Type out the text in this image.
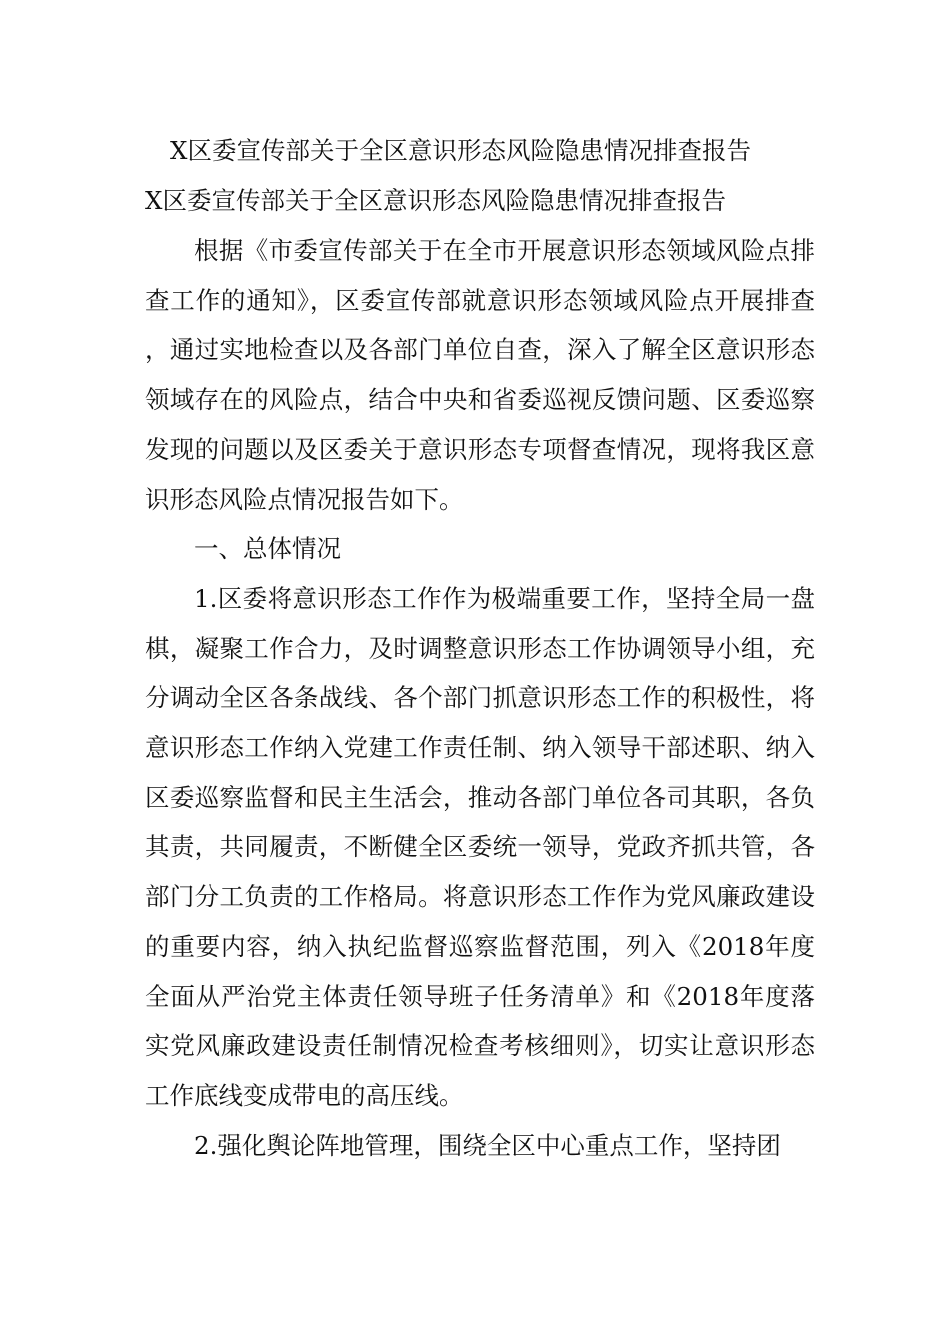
X区委宣传部关于全区意识形态风险隐患情况排查报告
X区委宣传部关于全区意识形态风险隐患情况排查报告

根据《市委宣传部关于在全市开展意识形态领域风险点排查工作的通知》，区委宣传部就意识形态领域风险点开展排查，通过实地检查以及各部门单位自查，深入了解全区意识形态领域存在的风险点，结合中央和省委巡视反馈问题、区委巡察发现的问题以及区委关于意识形态专项督查情况，现将我区意识形态风险点情况报告如下。

一、总体情况

1.区委将意识形态工作作为极端重要工作，坚持全局一盘棋，凝聚工作合力，及时调整意识形态工作协调领导小组，充分调动全区各条战线、各个部门抓意识形态工作的积极性，将意识形态工作纳入党建工作责任制、纳入领导干部述职、纳入区委巡察监督和民主生活会，推动各部门单位各司其职，各负其责，共同履责，不断健全区委统一领导，党政齐抓共管，各部门分工负责的工作格局。将意识形态工作作为党风廉政建设的重要内容，纳入执纪监督巡察监督范围，列入《2018年度全面从严治党主体责任领导班子任务清单》和《2018年度落实党风廉政建设责任制情况检查考核细则》，切实让意识形态工作底线变成带电的高压线。

2.强化舆论阵地管理，围绕全区中心重点工作，坚持团
